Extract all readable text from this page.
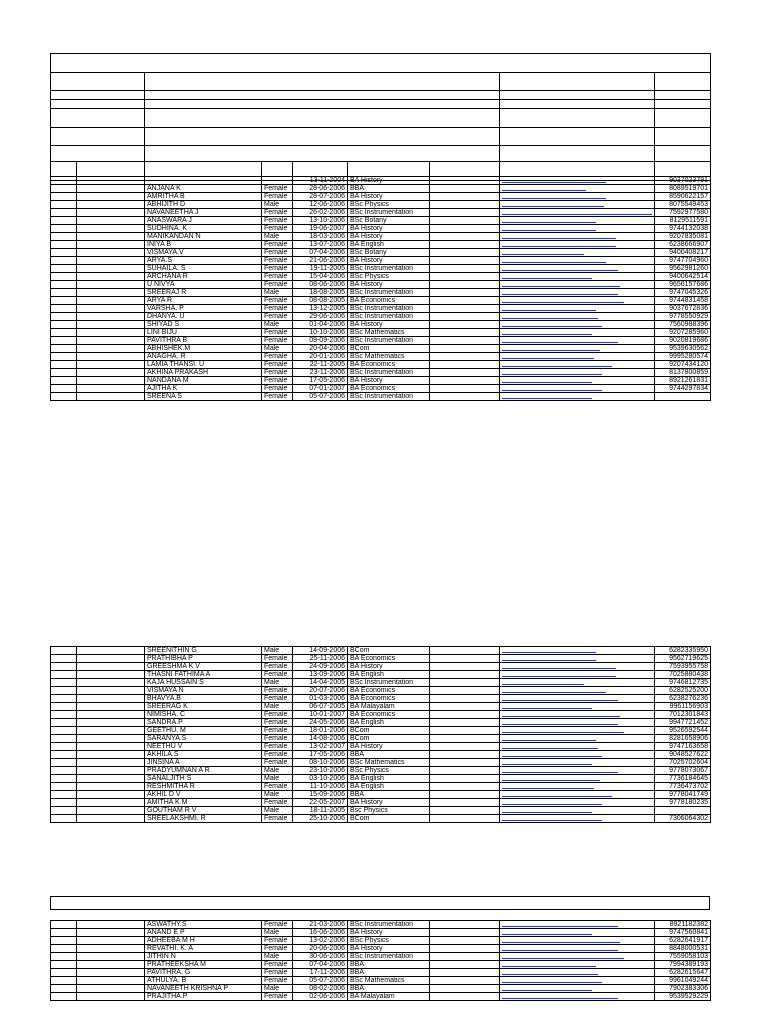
				13-11-2004	BA History			9037023791
		ANJANA K	Female	28-06-2006	BBA			8089519701
		AMRITHA B	Female	28-07-2006	BA History			8590622157
		ABHIJITH D	Male	12-06-2006	BSc Physics			8075549453
		NAVANEETHA J	Female	26-02-2006	BSc Instrumentation			7592977580
		ANASWARA J	Female	13-10-2006	BSc Botany			8129511591
		SUDHINA. K	Female	19-06-2007	BA History			9744132038
		MANIKANDAN N	Male	18-03-2006	BA History			9207835081
		INIYA B	Female	13-07-2006	BA English			6238666907
		VISMAYA.V	Female	07-04-2006	BSc Botany			9400408217
		ARYA.S	Female	21-06-2006	BA History			9747704960
		SUHAILA. S	Female	19-11-2005	BSc Instrumentation			9562981260
		ARCHANA R	Female	15-04-2006	BSc Physics			9400642514
		U NIVYA	Female	08-06-2006	BA History			9656157686
		SREERAJ R	Male	18-08-2005	BSc Instrumentation			9747045326
		ARYA R	Female	08-08-2005	BA Economics			9744831458
		VARSHA. P	Female	13-12-2005	BSc Instrumentation			9037672836
		DHANYA. U	Female	29-06-2006	BSc Instrumentation			9778550929
		SHIYAD S	Male	01-04-2006	BA History			7560988396
		LINI BIJU	Female	10-10-2006	BSc Mathematics			9207285960
		PAVITHRA B	Female	09-09-2006	BSc Instrumentation			9020819686
		ABHISHEK.M	Male	20-04-2006	BCom			9539630562
		ANAGHA. R	Female	20-01-2006	BSc Mathematics			9995280574
		LAMIA THANSI. U	Female	22-11-2005	BA Economics			9207434120
		AKHINA PRAKASH	Female	23-11-2006	BSc Instrumentation			8137800859
		NANDANA M	Female	17-05-2006	BA History			8921261831
		AJITHA K	Female	07-01-2007	BA Economics			9744297834
		SREENA S	Female	05-07-2006	BSc Instrumentation		

		SREENITHIN G	Male	14-09-2006	BCom			6282335950
		PRATHIBHA P	Female	25-11-2006	BA Economics			9562719625
		GREESHMA K V	Female	24-09-2006	BA History			7593955758
		THASNI FATHIMA A	Female	13-09-2006	BA English			7025880438
		KAJA HUSSAIN S	Male	14-04-2005	BSc Instrumentation			9746812735
		VISMAYA N	Female	20-07-2006	BA Economics			6282525200
		BHAVYA.B	Female	01-03-2006	BA Economics			6238276236
		SREERAG K	Male	06-07-2005	BA Malayalam			9961156903
		NIMISHA. C	Female	10-01-2007	BA Economics			7012301843
		SANDRA.P	Female	24-05-2006	BA English			9947721452
		GEETHU. M	Female	18-01-2006	BCom			9526592544
		SARANYA S	Female	14-08-2006	BCom			8281658906
		NEETHU V	Female	13-02-2007	BA History			9747163658
		AKHILA.S	Female	17-05-2006	BBA			9048527622
		JINSINA A	Female	08-10-2006	BSc Mathematics			7025702604
		PRADYUMNAN A R	Male	23-10-2006	BSc Physics			9778073067
		SANALJITH S	Male	03-10-2006	BA English			7736184645
		RESHMITHA R	Female	11-10-2006	BA English			7736473702
		AKHIL D V	Male	15-09-2006	BBA			9778041749
		AMITHA K M	Female	22-05-2007	BA History			9778180235
		GOUTHAM R V	Male	18-11-2005	Bsc Physics		

		SREELAKSHMI. R	Female	25-10-2006	BCom			7306064302
		ASWATHY.S	Female	21-03-2006	BSc Instrumentation			8921182382
		ANAND E P	Male	16-06-2006	BA History			9747560841
		ADHEEBA M H	Female	13-02-2006	BSc Physics			6282641917
		REVATHI. K. A	Female	20-06-2006	BA History			8848000531
		JITHIN N	Male	30-06-2006	BSc Instrumentation			7559058103
		PRATHEEKSHA M	Female	07-04-2006	BBA			7994389193
		PAVITHRA. G	Female	17-11-2006	BBA			6282615647
		ATHULYA. B	Female	05-07-2006	BSc Mathematics			9961049244
		NAVANEETH KRISHNA P	Male	08-02-2006	BBA			7902383306
		PRAJITHA.P	Female	02-06-2006	BA Malayalam			9539529229
